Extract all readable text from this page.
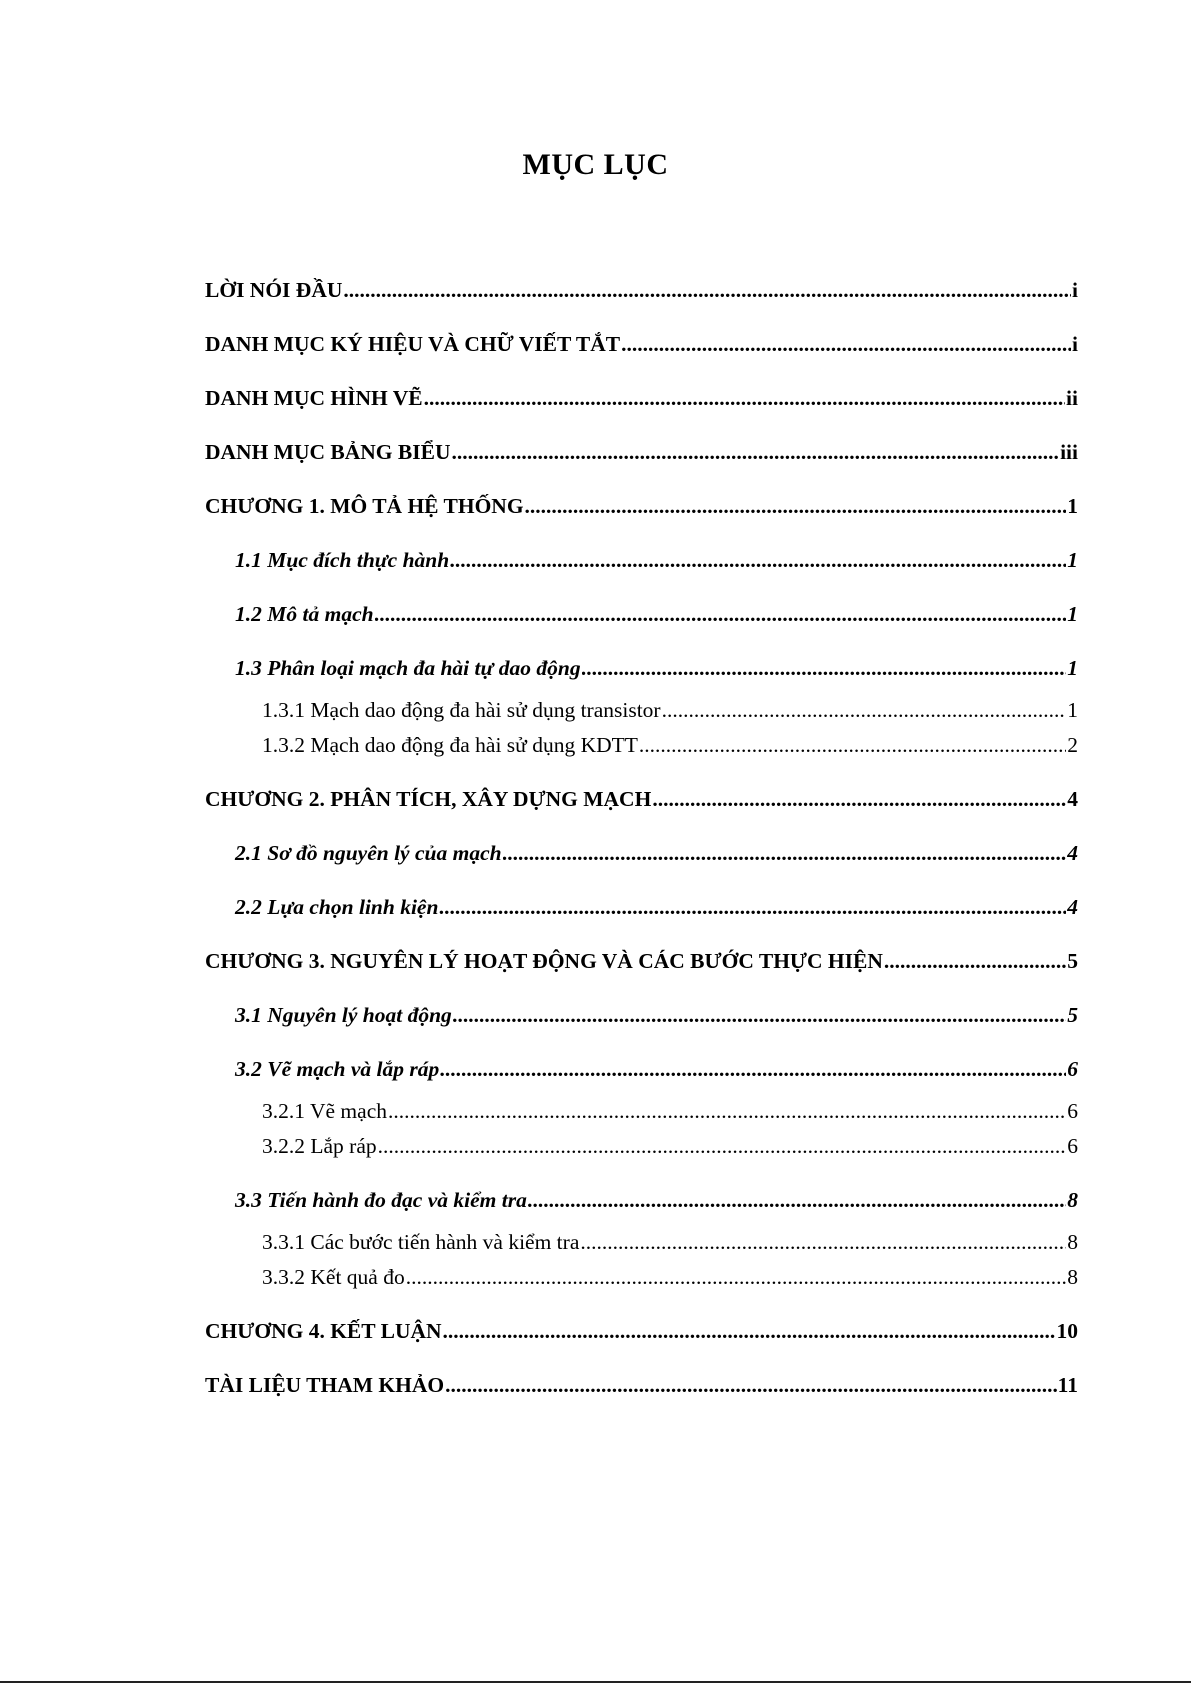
MỤC LỤC
LỜI NÓI ĐẦU .....	i
DANH MỤC KÝ HIỆU VÀ CHỮ VIẾT TẮT .....	i
DANH MỤC HÌNH VẼ .....	ii
DANH MỤC BẢNG BIỂU .....	iii
CHƯƠNG 1. MÔ TẢ HỆ THỐNG .....	1
1.1 Mục đích thực hành .....	1
1.2 Mô tả mạch .....	1
1.3 Phân loại mạch đa hài tự dao động .....	1
1.3.1 Mạch dao động đa hài sử dụng transistor .....	1
1.3.2 Mạch dao động đa hài sử dụng KDTT .....	2
CHƯƠNG 2. PHÂN TÍCH, XÂY DỰNG MẠCH .....	4
2.1 Sơ đồ nguyên lý của mạch .....	4
2.2 Lựa chọn linh kiện .....	4
CHƯƠNG 3. NGUYÊN LÝ HOẠT ĐỘNG VÀ CÁC BƯỚC THỰC HIỆN .....	5
3.1 Nguyên lý hoạt động .....	5
3.2 Vẽ mạch và lắp ráp .....	6
3.2.1 Vẽ mạch .....	6
3.2.2 Lắp ráp .....	6
3.3 Tiến hành đo đạc và kiểm tra .....	8
3.3.1 Các bước tiến hành và kiểm tra .....	8
3.3.2 Kết quả đo .....	8
CHƯƠNG 4. KẾT LUẬN .....	10
TÀI LIỆU THAM KHẢO .....	11
